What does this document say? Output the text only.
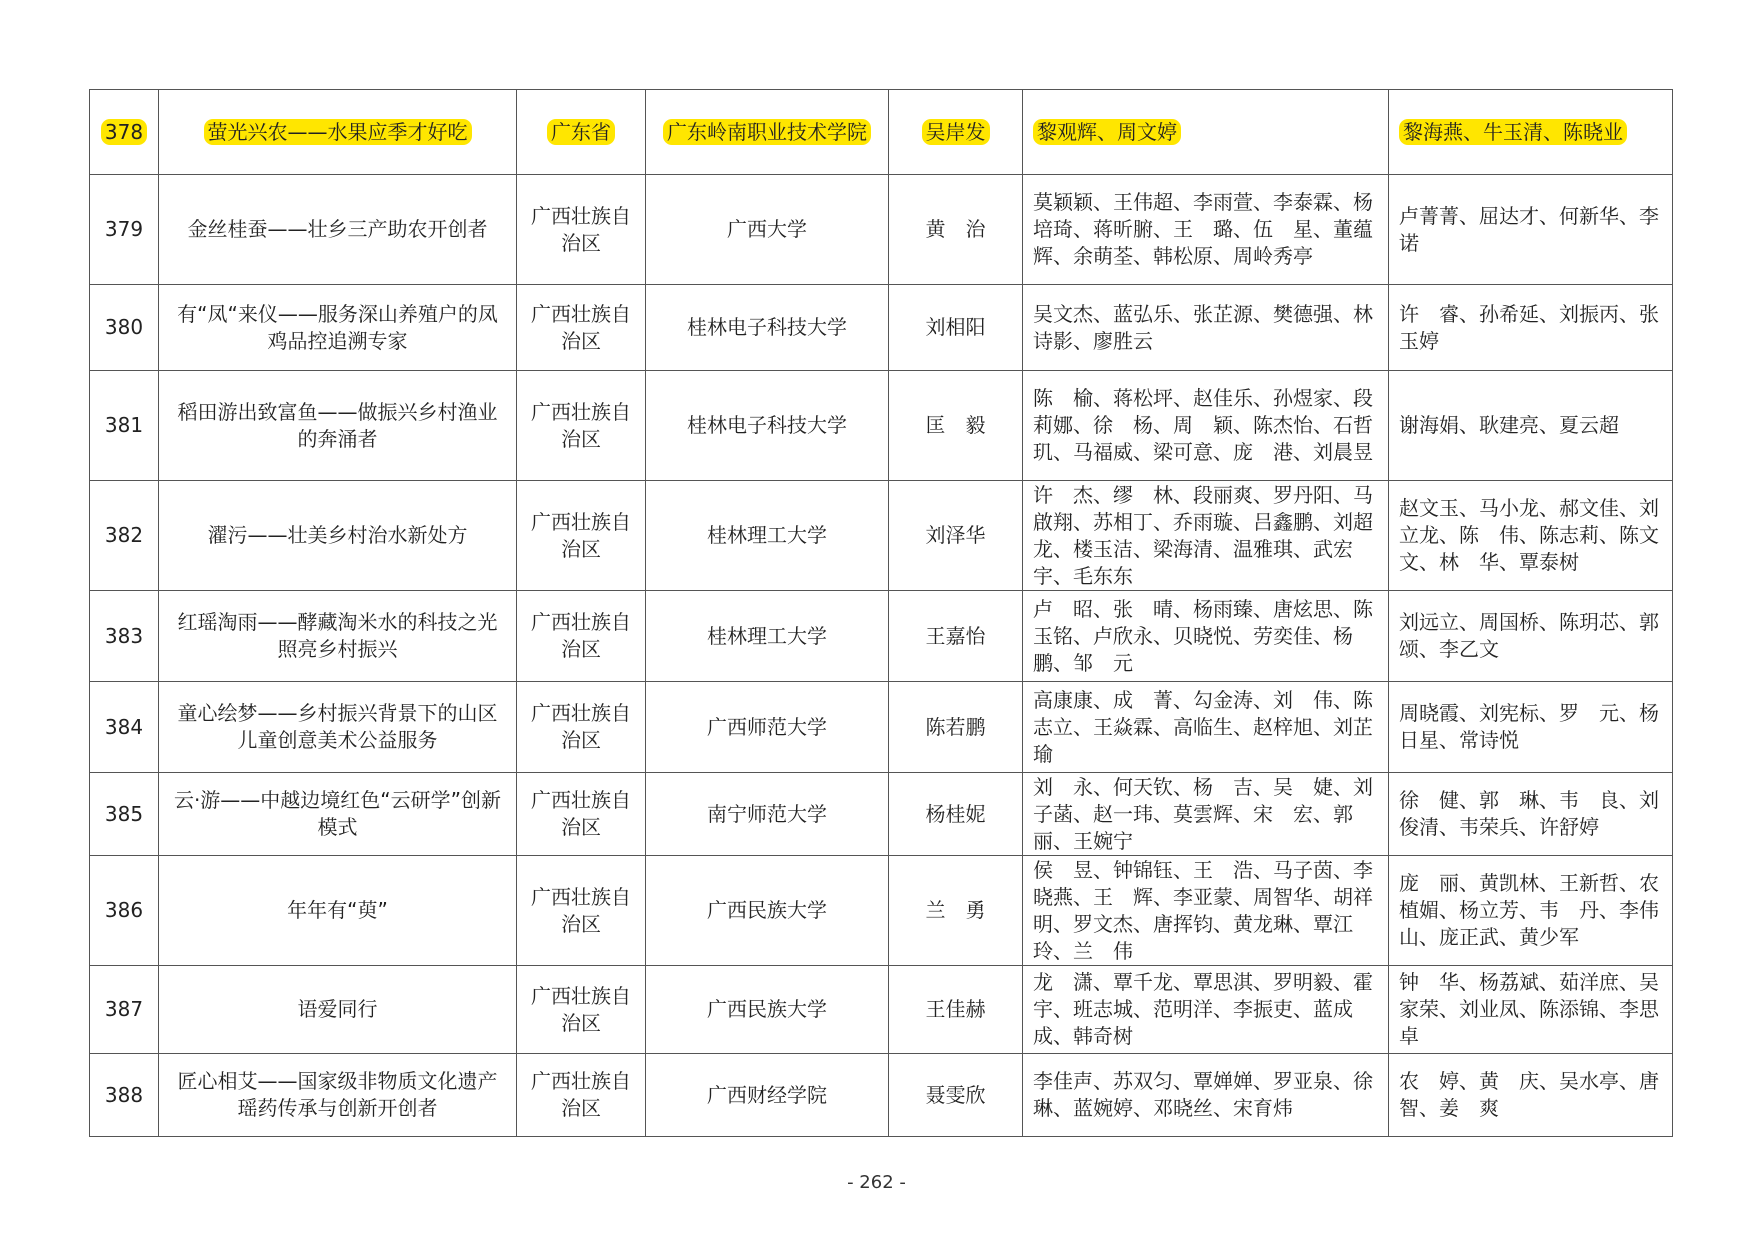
378	萤光兴农——水果应季才好吃	广东省	广东岭南职业技术学院	吴岸发	黎观辉、周文婷	黎海燕、牛玉清、陈晓业
379	金丝桂蚕——壮乡三产助农开创者	广西壮族自治区	广西大学	黄　治	莫颖颖、王伟超、李雨萱、李泰霖、杨培琦、蒋昕腑、王　璐、伍　星、董蕴辉、余萌荃、韩松原、周岭秀亭	卢菁菁、屈达才、何新华、李　诺
380	有“凤“来仪——服务深山养殖户的凤鸡品控追溯专家	广西壮族自治区	桂林电子科技大学	刘相阳	吴文杰、蓝弘乐、张芷源、樊德强、林诗影、廖胜云	许　睿、孙希延、刘振丙、张玉婷
381	稻田游出致富鱼——做振兴乡村渔业的奔涌者	广西壮族自治区	桂林电子科技大学	匡　毅	陈　榆、蒋松坪、赵佳乐、孙煜家、段莉娜、徐　杨、周　颖、陈杰怡、石哲玑、马福威、梁可意、庞　港、刘晨昱	谢海娟、耿建亮、夏云超
382	濯污——壮美乡村治水新处方	广西壮族自治区	桂林理工大学	刘泽华	许　杰、缪　林、段丽爽、罗丹阳、马啟翔、苏相丁、乔雨璇、吕鑫鹏、刘超龙、楼玉洁、梁海清、温雅琪、武宏宇、毛东东	赵文玉、马小龙、郝文佳、刘立龙、陈　伟、陈志莉、陈文文、林　华、覃泰树
383	红瑶淘雨——酵藏淘米水的科技之光照亮乡村振兴	广西壮族自治区	桂林理工大学	王嘉怡	卢　昭、张　晴、杨雨臻、唐炫思、陈玉铭、卢欣永、贝晓悦、劳奕佳、杨　鹏、邹　元	刘远立、周国桥、陈玥芯、郭　颂、李乙文
384	童心绘梦——乡村振兴背景下的山区儿童创意美术公益服务	广西壮族自治区	广西师范大学	陈若鹏	高康康、成　菁、勾金涛、刘　伟、陈志立、王焱霖、高临生、赵梓旭、刘芷瑜	周晓霞、刘宪标、罗　元、杨日星、常诗悦
385	云·游——中越边境红色“云研学”创新模式	广西壮族自治区	南宁师范大学	杨桂妮	刘　永、何天钦、杨　吉、吴　婕、刘子菡、赵一玮、莫雲辉、宋　宏、郭　丽、王婉宁	徐　健、郭　琳、韦　良、刘俊清、韦荣兵、许舒婷
386	年年有“萸”	广西壮族自治区	广西民族大学	兰　勇	侯　昱、钟锦钰、王　浩、马子茵、李晓燕、王　辉、李亚蒙、周智华、胡祥明、罗文杰、唐挥钧、黄龙琳、覃江玲、兰　伟	庞　丽、黄凯林、王新哲、农植媚、杨立芳、韦　丹、李伟山、庞正武、黄少军
387	语爱同行	广西壮族自治区	广西民族大学	王佳赫	龙　潇、覃千龙、覃思淇、罗明毅、霍　宇、班志城、范明洋、李振吏、蓝成成、韩奇树	钟　华、杨荔斌、茹洋庶、吴家荣、刘业凤、陈添锦、李思卓
388	匠心相艾——国家级非物质文化遗产瑶药传承与创新开创者	广西壮族自治区	广西财经学院	聂雯欣	李佳声、苏双匀、覃婵婵、罗亚泉、徐　琳、蓝婉婷、邓晓丝、宋育炜	农　婷、黄　庆、吴水亭、唐　智、姜　爽
- 262 -
